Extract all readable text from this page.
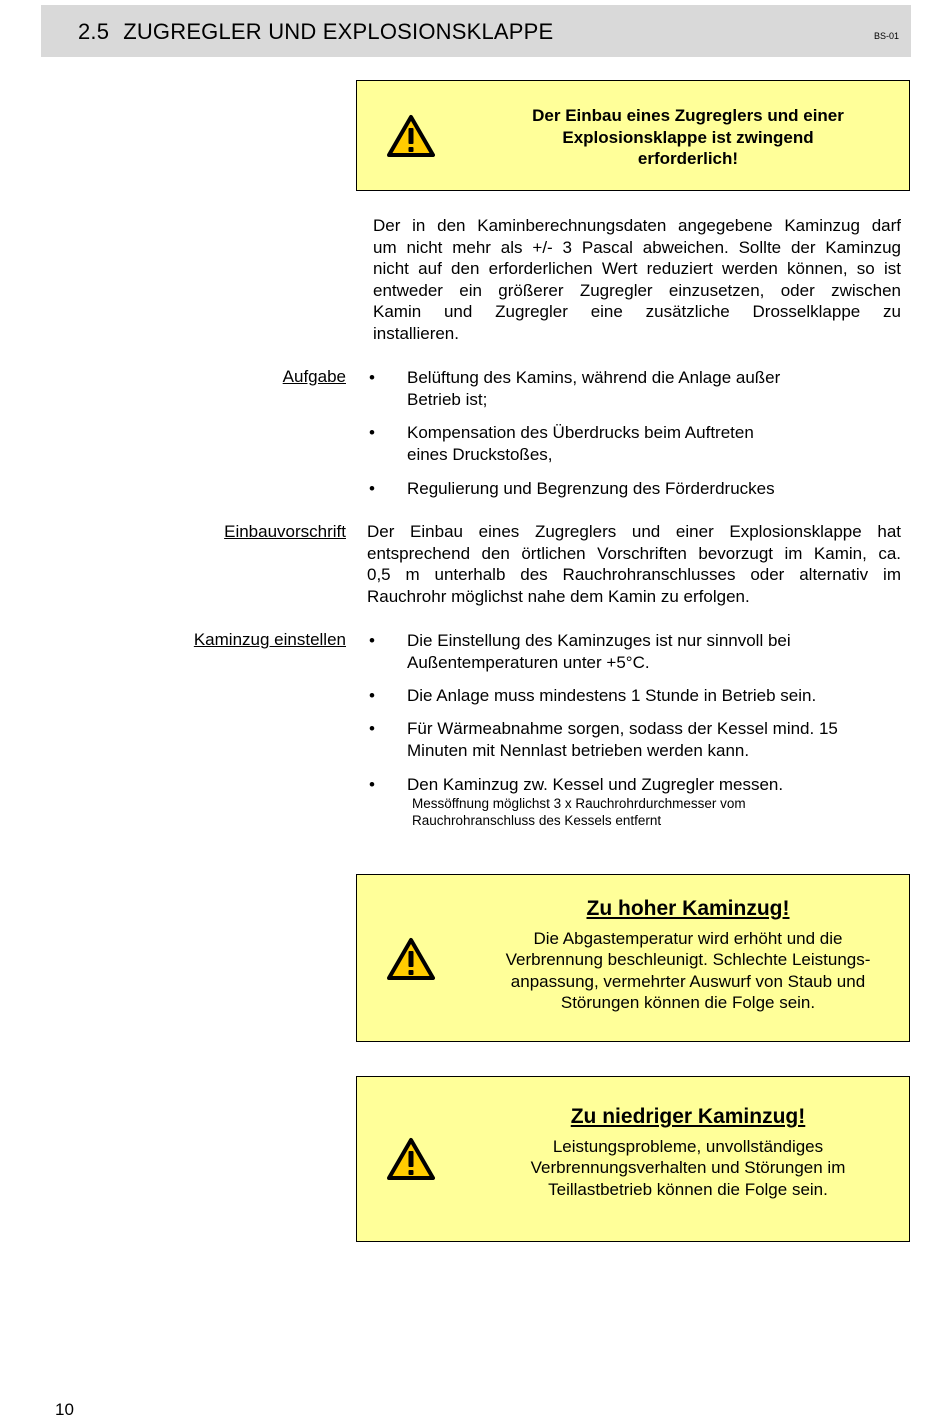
2.5 ZUGREGLER UND EXPLOSIONSKLAPPE	BS-01
Der Einbau eines Zugreglers und einer
Explosionsklappe ist zwingend
erforderlich!
Der in den Kaminberechnungsdaten angegebene Kaminzug darf
um nicht mehr als +/- 3 Pascal abweichen. Sollte der Kaminzug
nicht auf den erforderlichen Wert reduziert werden können, so ist
entweder ein größerer Zugregler einzusetzen, oder zwischen
Kamin und Zugregler eine zusätzliche Drosselklappe zu
installieren.
Aufgabe •	Belüftung des Kamins, während die Anlage außer
Betrieb ist;
•	Kompensation des Überdrucks beim Auftreten
eines Druckstoßes,
•	Regulierung und Begrenzung des Förderdruckes
Einbauvorschrift Der Einbau eines Zugreglers und einer Explosionsklappe hat
entsprechend den örtlichen Vorschriften bevorzugt im Kamin, ca.
0,5 m unterhalb des Rauchrohranschlusses oder alternativ im
Rauchrohr möglichst nahe dem Kamin zu erfolgen.
Kaminzug einstellen •	Die Einstellung des Kaminzuges ist nur sinnvoll bei
Außentemperaturen unter +5°C.
•	Die Anlage muss mindestens 1 Stunde in Betrieb sein.
•	Für Wärmeabnahme sorgen, sodass der Kessel mind. 15
Minuten mit Nennlast betrieben werden kann.
•	Den Kaminzug zw. Kessel und Zugregler messen.
Messöffnung möglichst 3 x Rauchrohrdurchmesser vom
Rauchrohranschluss des Kessels entfernt
Zu hoher Kaminzug!
Die Abgastemperatur wird erhöht und die
Verbrennung beschleunigt. Schlechte Leistungs-
anpassung, vermehrter Auswurf von Staub und
Störungen können die Folge sein.
Zu niedriger Kaminzug!
Leistungsprobleme, unvollständiges
Verbrennungsverhalten und Störungen im
Teillastbetrieb können die Folge sein.
10
